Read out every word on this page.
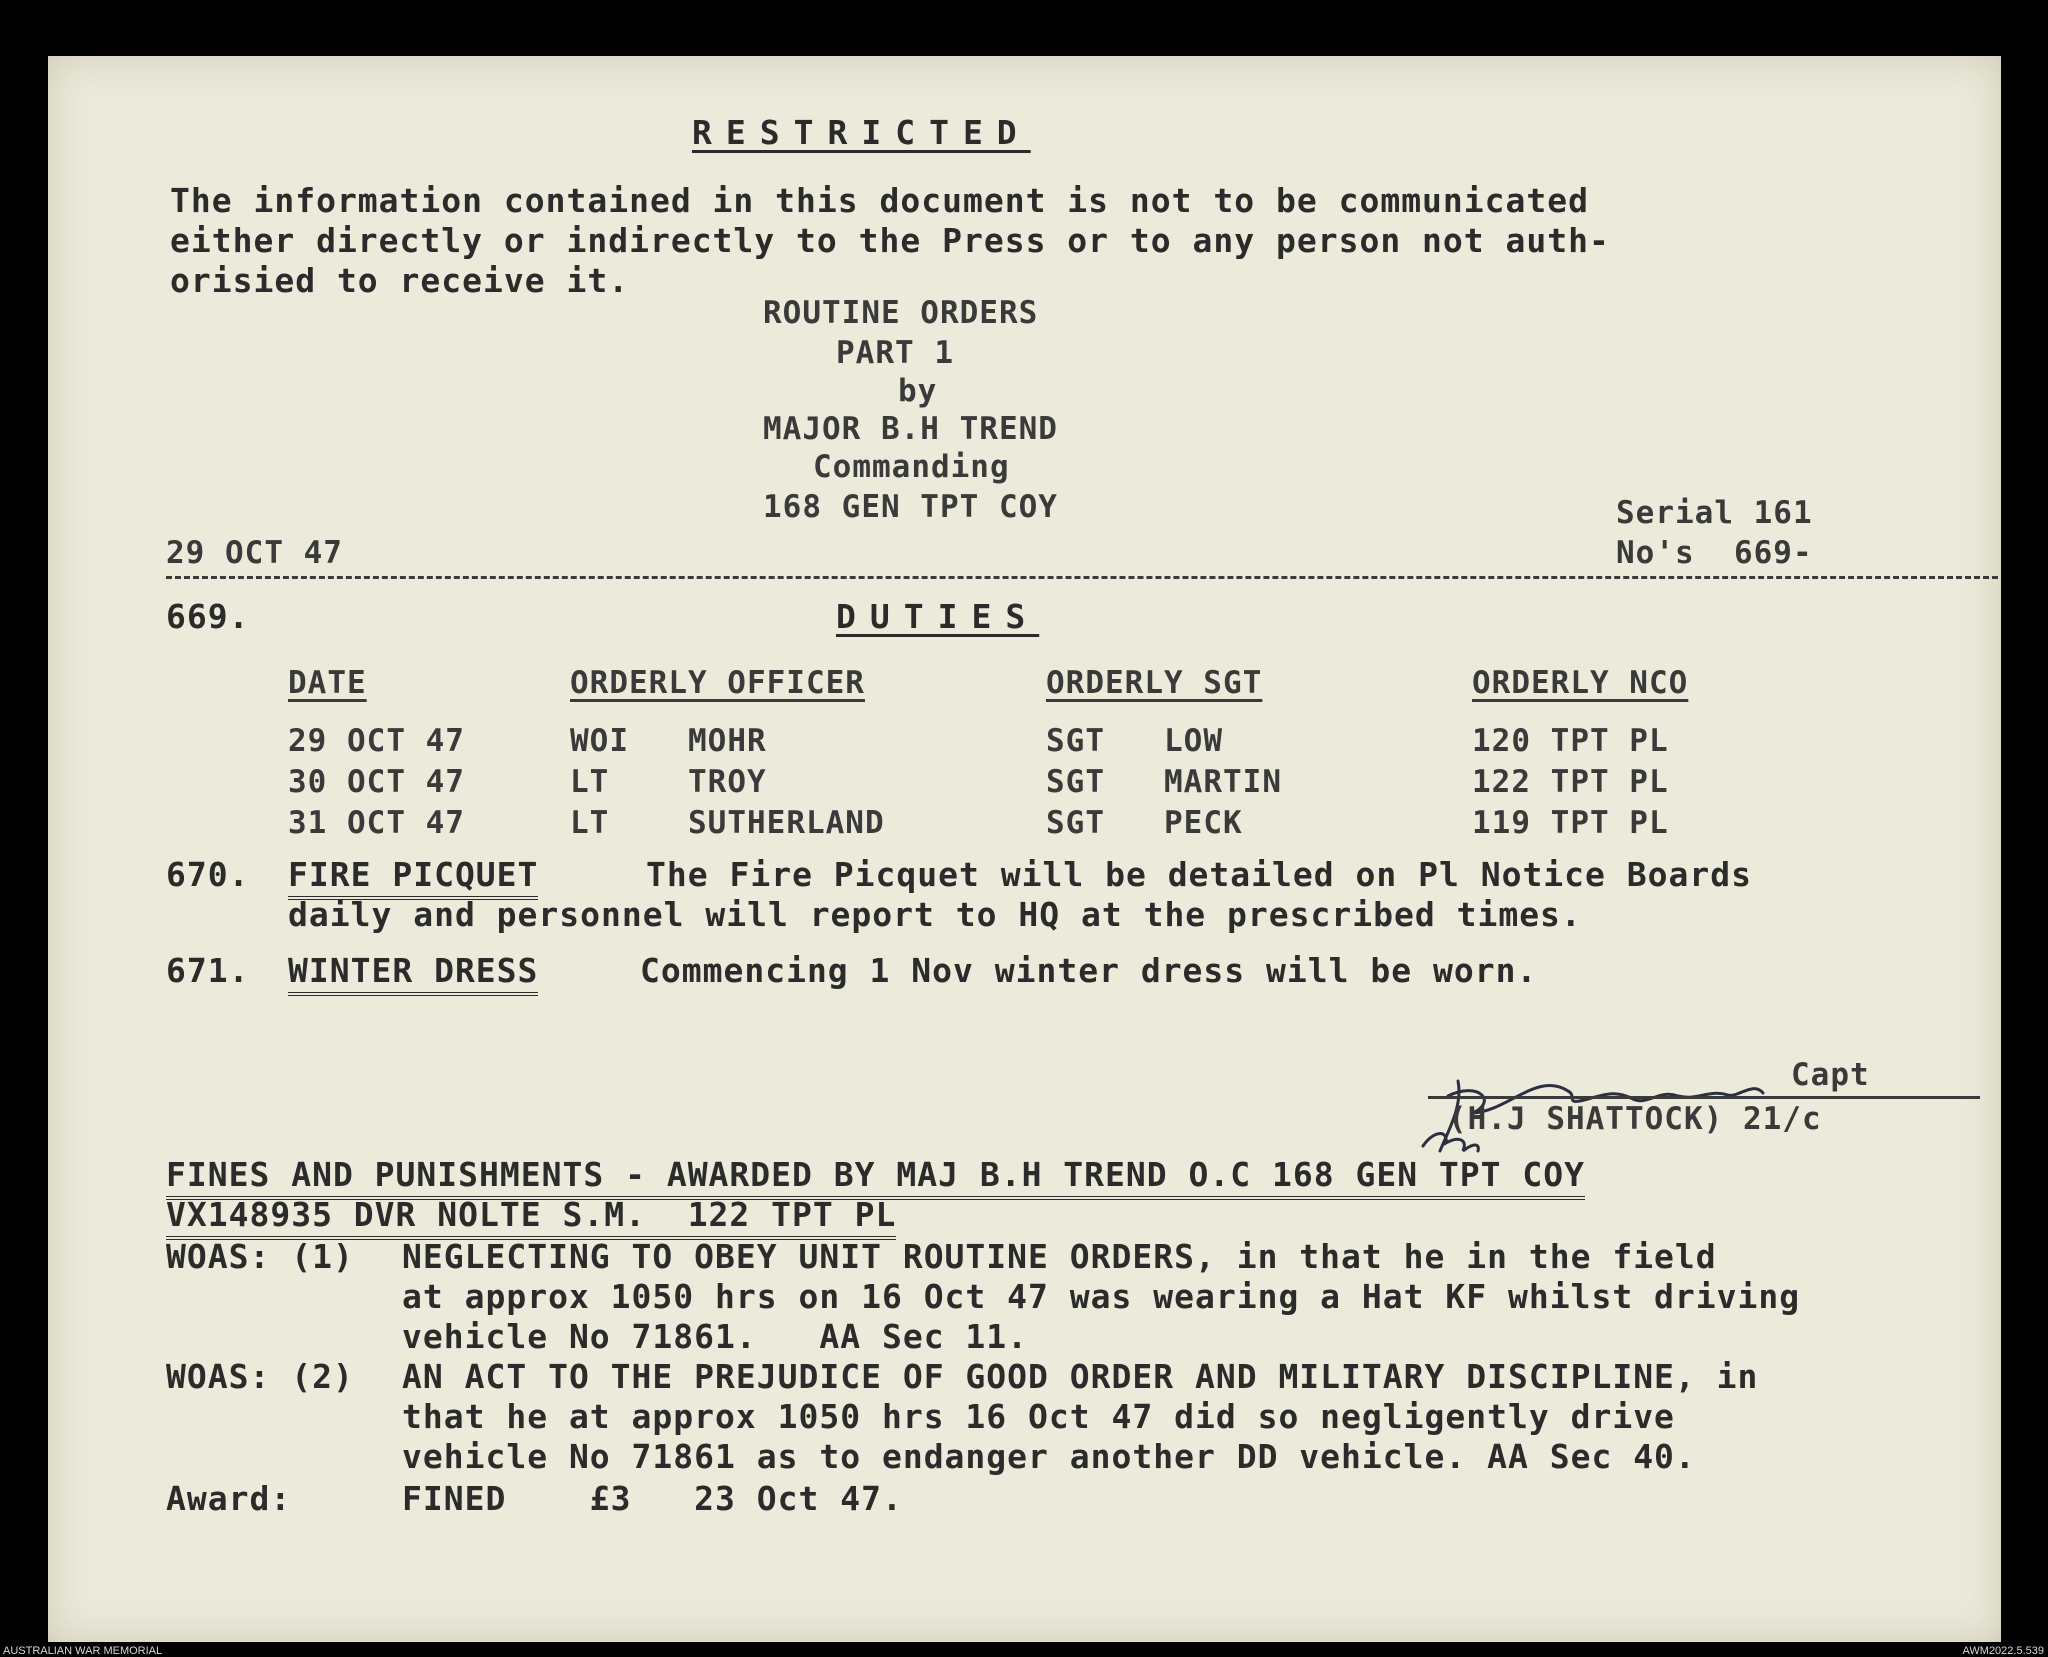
RESTRICTED
The information contained in this document is not to be communicated
either directly or indirectly to the Press or to any person not auth-
orisied to receive it.
ROUTINE ORDERS
PART 1
by
MAJOR B.H TREND
Commanding
168 GEN TPT COY	Serial 161
No's  669-
29 OCT 47
669.	DUTIES
DATE	ORDERLY OFFICER	ORDERLY SGT	ORDERLY NCO
29 OCT 47	WOI MOHR	SGT LOW	120 TPT PL
30 OCT 47	LT	TROY	SGT MARTIN	122 TPT PL
31 OCT 47	LT	SUTHERLAND	SGT PECK	119 TPT PL
670. FIRE PICQUET	The Fire Picquet will be detailed on Pl Notice Boards
daily and personnel will report to HQ at the prescribed times.
671. WINTER DRESS	Commencing 1 Nov winter dress will be worn.
Capt
(H.J SHATTOCK) 21/c
FINES AND PUNISHMENTS - AWARDED BY MAJ B.H TREND O.C 168 GEN TPT COY
VX148935 DVR NOLTE S.M.  122 TPT PL
WOAS: (1) NEGLECTING TO OBEY UNIT ROUTINE ORDERS, in that he in the field
at approx 1050 hrs on 16 Oct 47 was wearing a Hat KF whilst driving
vehicle No 71861.   AA Sec 11.
WOAS: (2) AN ACT TO THE PREJUDICE OF GOOD ORDER AND MILITARY DISCIPLINE, in
that he at approx 1050 hrs 16 Oct 47 did so negligently drive
vehicle No 71861 as to endanger another DD vehicle. AA Sec 40.
Award:	FINED    £3   23 Oct 47.
AUSTRALIAN WAR MEMORIAL	AWM2022.5.539
